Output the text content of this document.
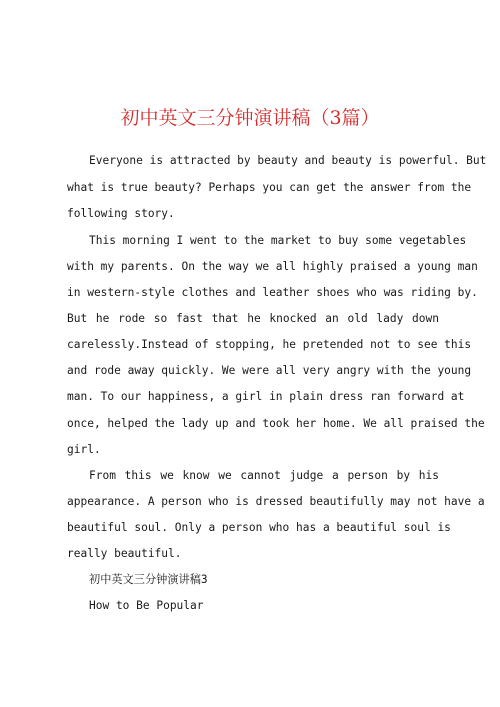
初中英文三分钟演讲稿（3篇）
Everyone is attracted by beauty and beauty is powerful. But
what is true beauty? Perhaps you can get the answer from the
following story.
This morning I went to the market to buy some vegetables
with my parents. On the way we all highly praised a young man
in western-style clothes and leather shoes who was riding by.
But he rode so fast that he knocked an old lady down
carelessly.Instead of stopping, he pretended not to see this
and rode away quickly. We were all very angry with the young
man. To our happiness, a girl in plain dress ran forward at
once, helped the lady up and took her home. We all praised the
girl.
From this we know we cannot judge a person by his
appearance. A person who is dressed beautifully may not have a
beautiful soul. Only a person who has a beautiful soul is
really beautiful.
初中英文三分钟演讲稿3
How to Be Popular
